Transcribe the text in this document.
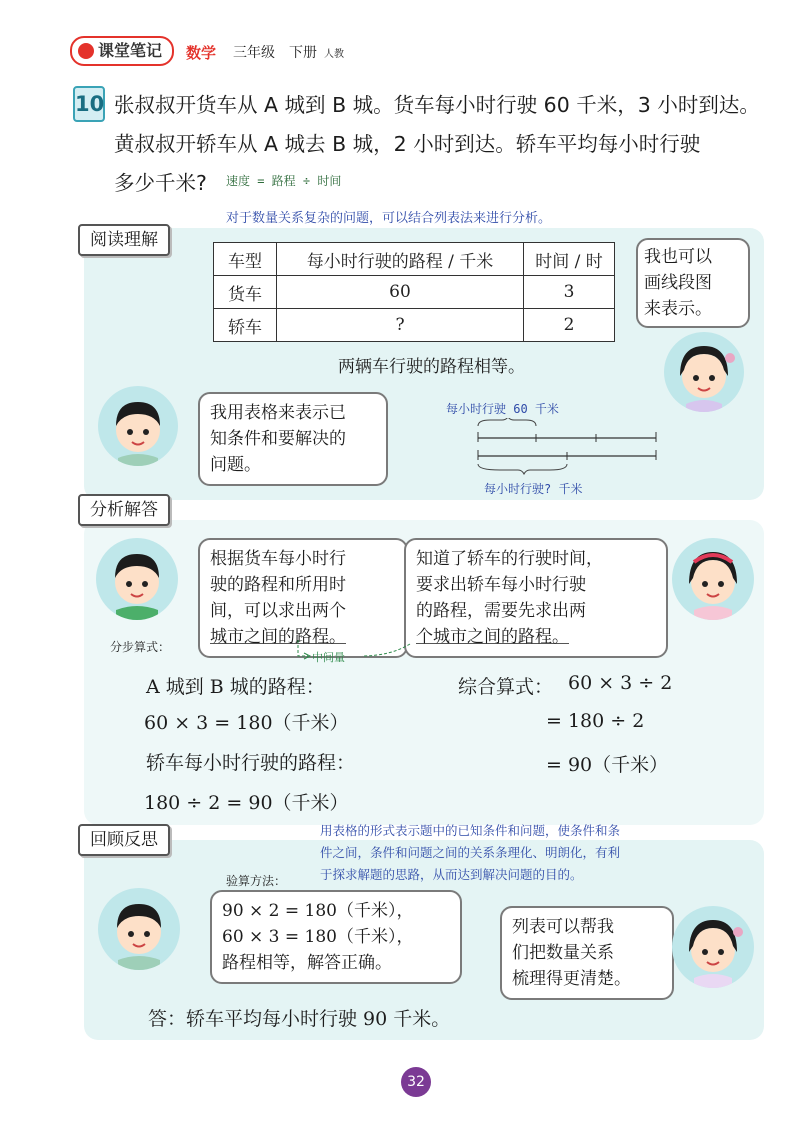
课堂笔记	数学 三年级 下册 人教
10 张叔叔开货车从 A 城到 B 城。货车每小时行驶 60 千米，3 小时到达。
黄叔叔开轿车从 A 城去 B 城，2 小时到达。轿车平均每小时行驶
多少千米? 速度 = 路程 ÷ 时间
阅读理解
对于数量关系复杂的问题，可以结合列表法来进行分析。
车型	每小时行驶的路程 / 千米	时间 / 时
货车	60	3
轿车	?	2
两辆车行驶的路程相等。
我也可以
画线段图
来表示。
我用表格来表示已
知条件和要解决的
问题。
每小时行驶 60 千米
每小时行驶? 千米
分析解答
根据货车每小时行
驶的路程和所用时
间，可以求出两个
城市之间的路程。
知道了轿车的行驶时间，
要求出轿车每小时行驶
的路程，需要先求出两
个城市之间的路程。
分步算式：
中间量
A 城到 B 城的路程：
60 × 3 = 180（千米）
轿车每小时行驶的路程：
180 ÷ 2 = 90（千米）
综合算式： 60 × 3 ÷ 2
= 180 ÷ 2
= 90（千米）
回顾反思	用表格的形式表示题中的已知条件和问题，使条件和条
件之间，条件和问题之间的关系条理化、明朗化，有利
于探求解题的思路，从而达到解决问题的目的。
验算方法：
90 × 2 = 180（千米），
60 × 3 = 180（千米），
路程相等，解答正确。
列表可以帮我
们把数量关系
梳理得更清楚。
答：轿车平均每小时行驶 90 千米。
32
